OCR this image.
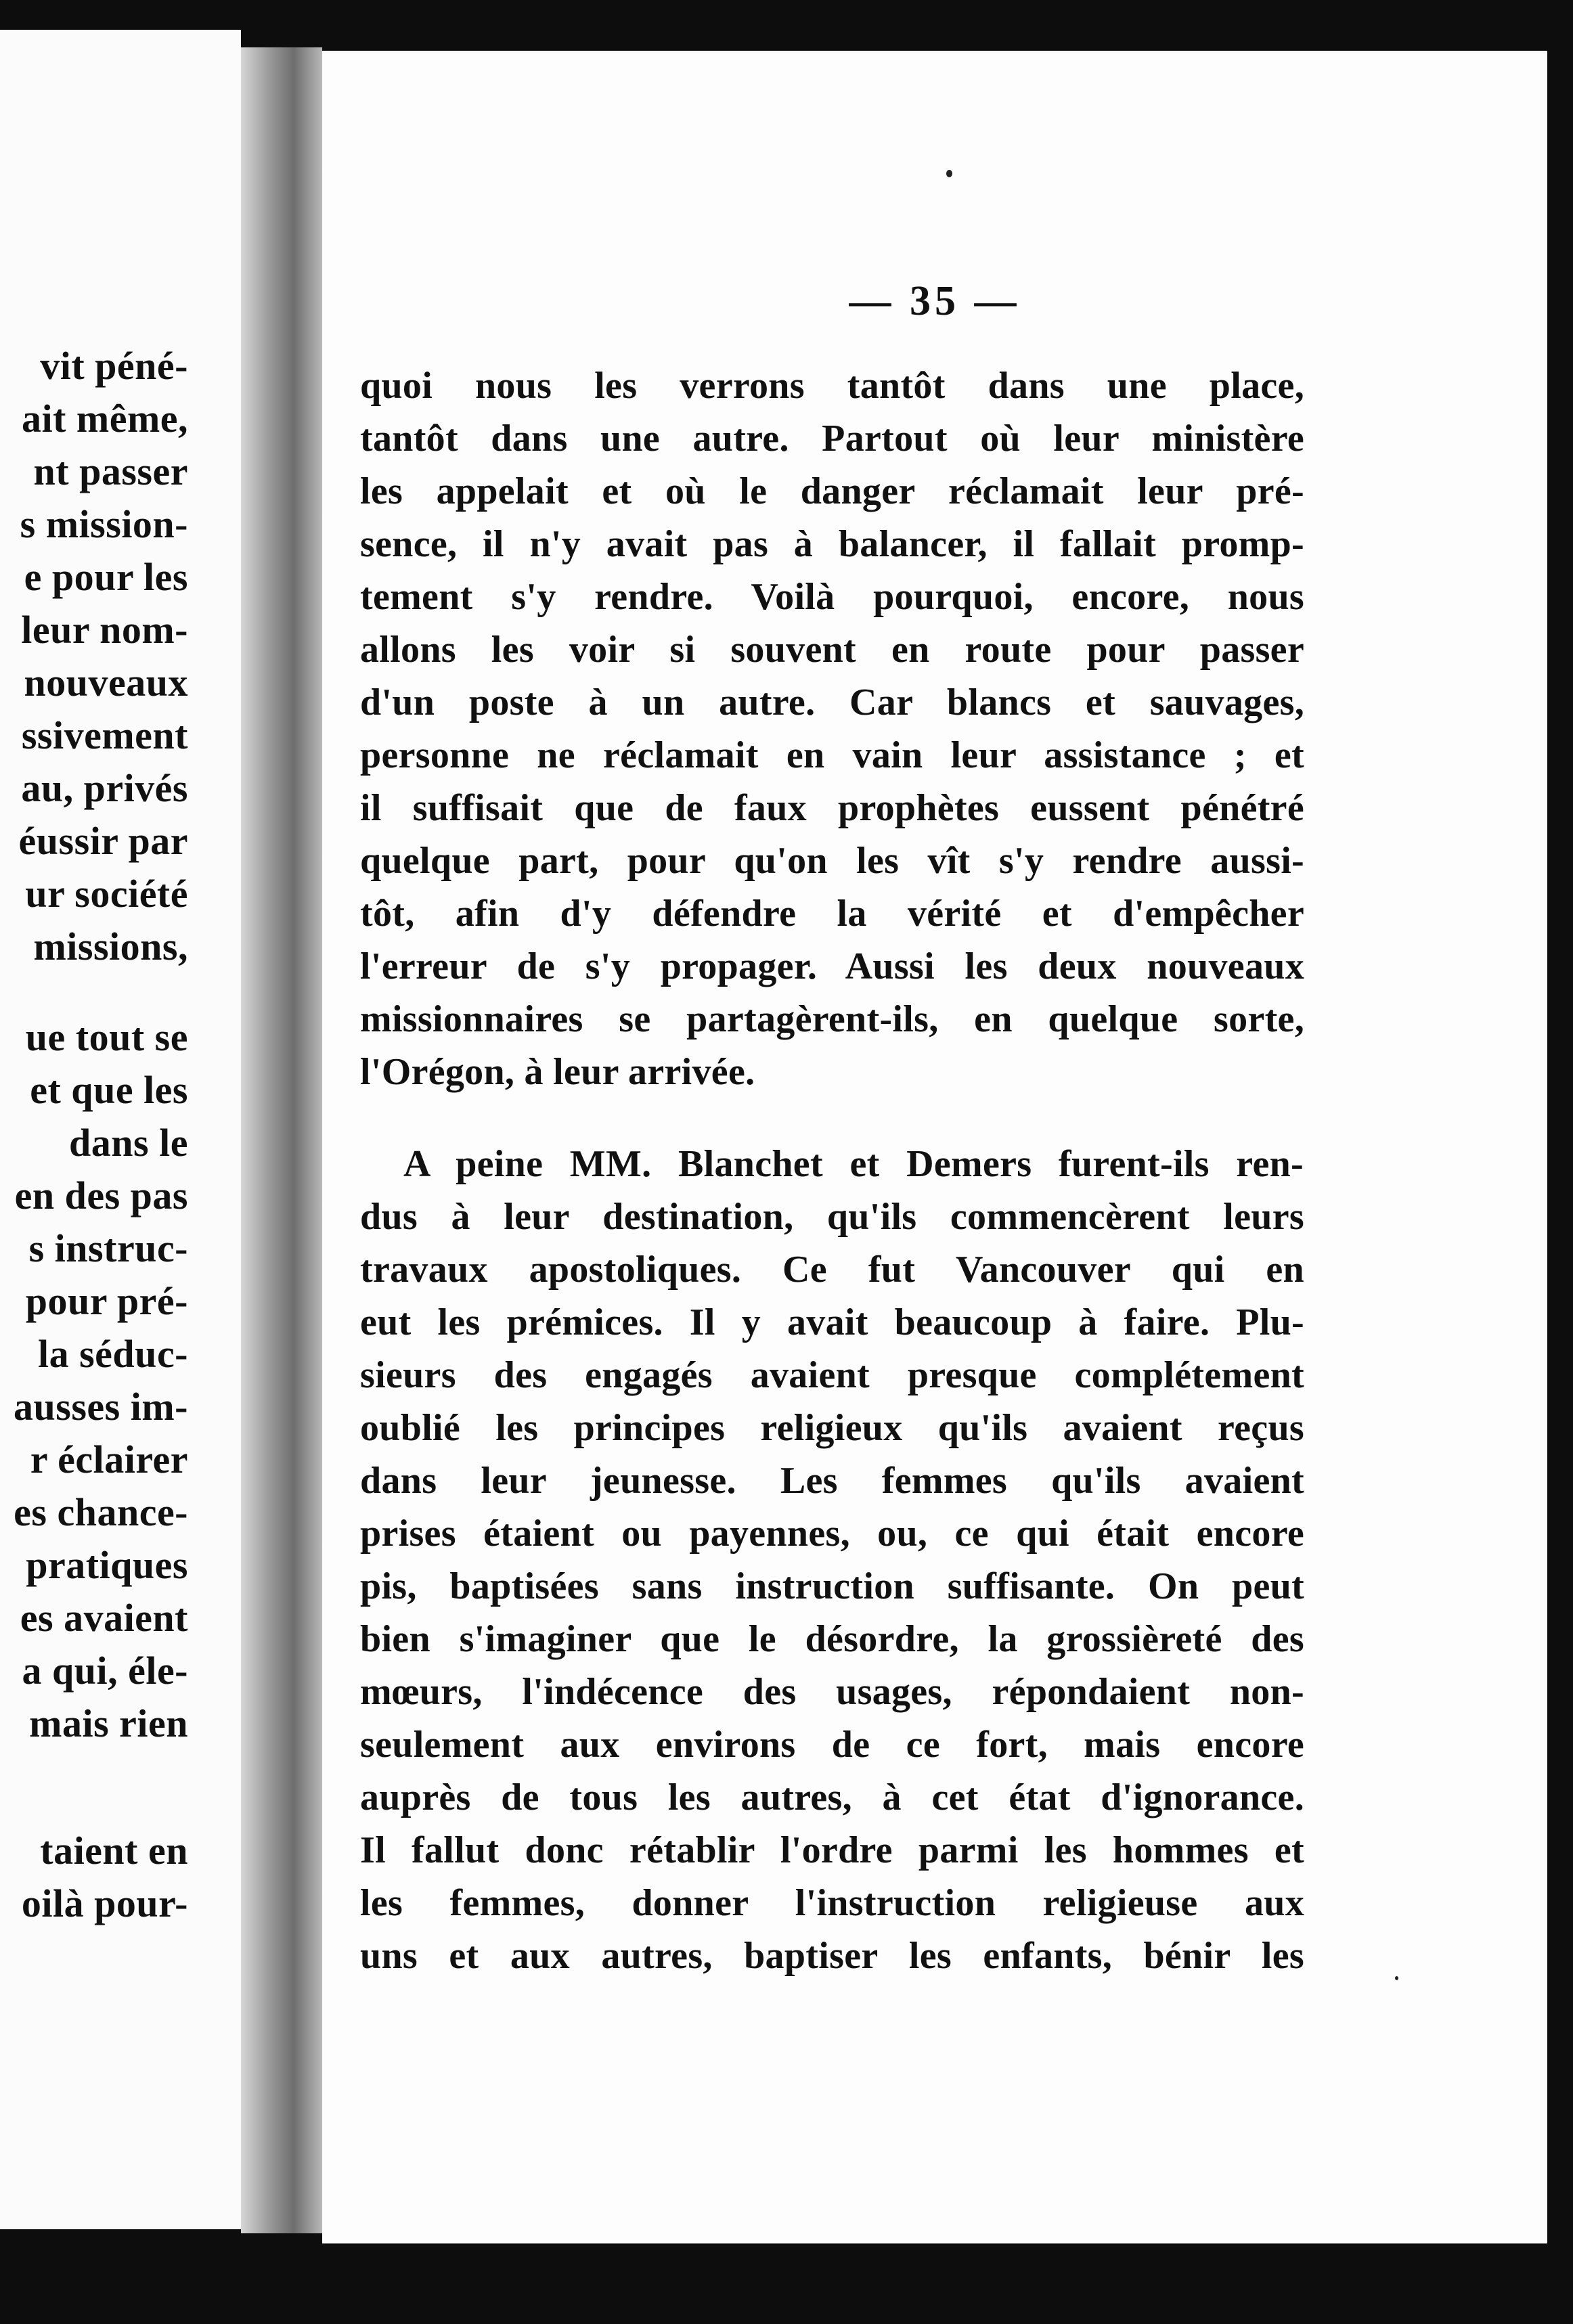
vit péné-
ait même,
nt passer
s mission-
e pour les
leur nom-
nouveaux
ssivement
au, privés
éussir par
ur société
missions,
ue tout se
et que les
dans le
en des pas
s instruc-
pour pré-
la séduc-
ausses im-
r éclairer
es chance-
pratiques
es avaient
a qui, éle-
mais rien
taient en
oilà pour-
— 35 —
quoi nous les verrons tantôt dans une place,
tantôt dans une autre. Partout où leur ministère
les appelait et où le danger réclamait leur pré-
sence, il n'y avait pas à balancer, il fallait promp-
tement s'y rendre. Voilà pourquoi, encore, nous
allons les voir si souvent en route pour passer
d'un poste à un autre. Car blancs et sauvages,
personne ne réclamait en vain leur assistance ; et
il suffisait que de faux prophètes eussent pénétré
quelque part, pour qu'on les vît s'y rendre aussi-
tôt, afin d'y défendre la vérité et d'empêcher
l'erreur de s'y propager. Aussi les deux nouveaux
missionnaires se partagèrent-ils, en quelque sorte,
l'Orégon, à leur arrivée.
A peine MM. Blanchet et Demers furent-ils ren-
dus à leur destination, qu'ils commencèrent leurs
travaux apostoliques. Ce fut Vancouver qui en
eut les prémices. Il y avait beaucoup à faire. Plu-
sieurs des engagés avaient presque complétement
oublié les principes religieux qu'ils avaient reçus
dans leur jeunesse. Les femmes qu'ils avaient
prises étaient ou payennes, ou, ce qui était encore
pis, baptisées sans instruction suffisante. On peut
bien s'imaginer que le désordre, la grossièreté des
mœurs, l'indécence des usages, répondaient non-
seulement aux environs de ce fort, mais encore
auprès de tous les autres, à cet état d'ignorance.
Il fallut donc rétablir l'ordre parmi les hommes et
les femmes, donner l'instruction religieuse aux
uns et aux autres, baptiser les enfants, bénir les
